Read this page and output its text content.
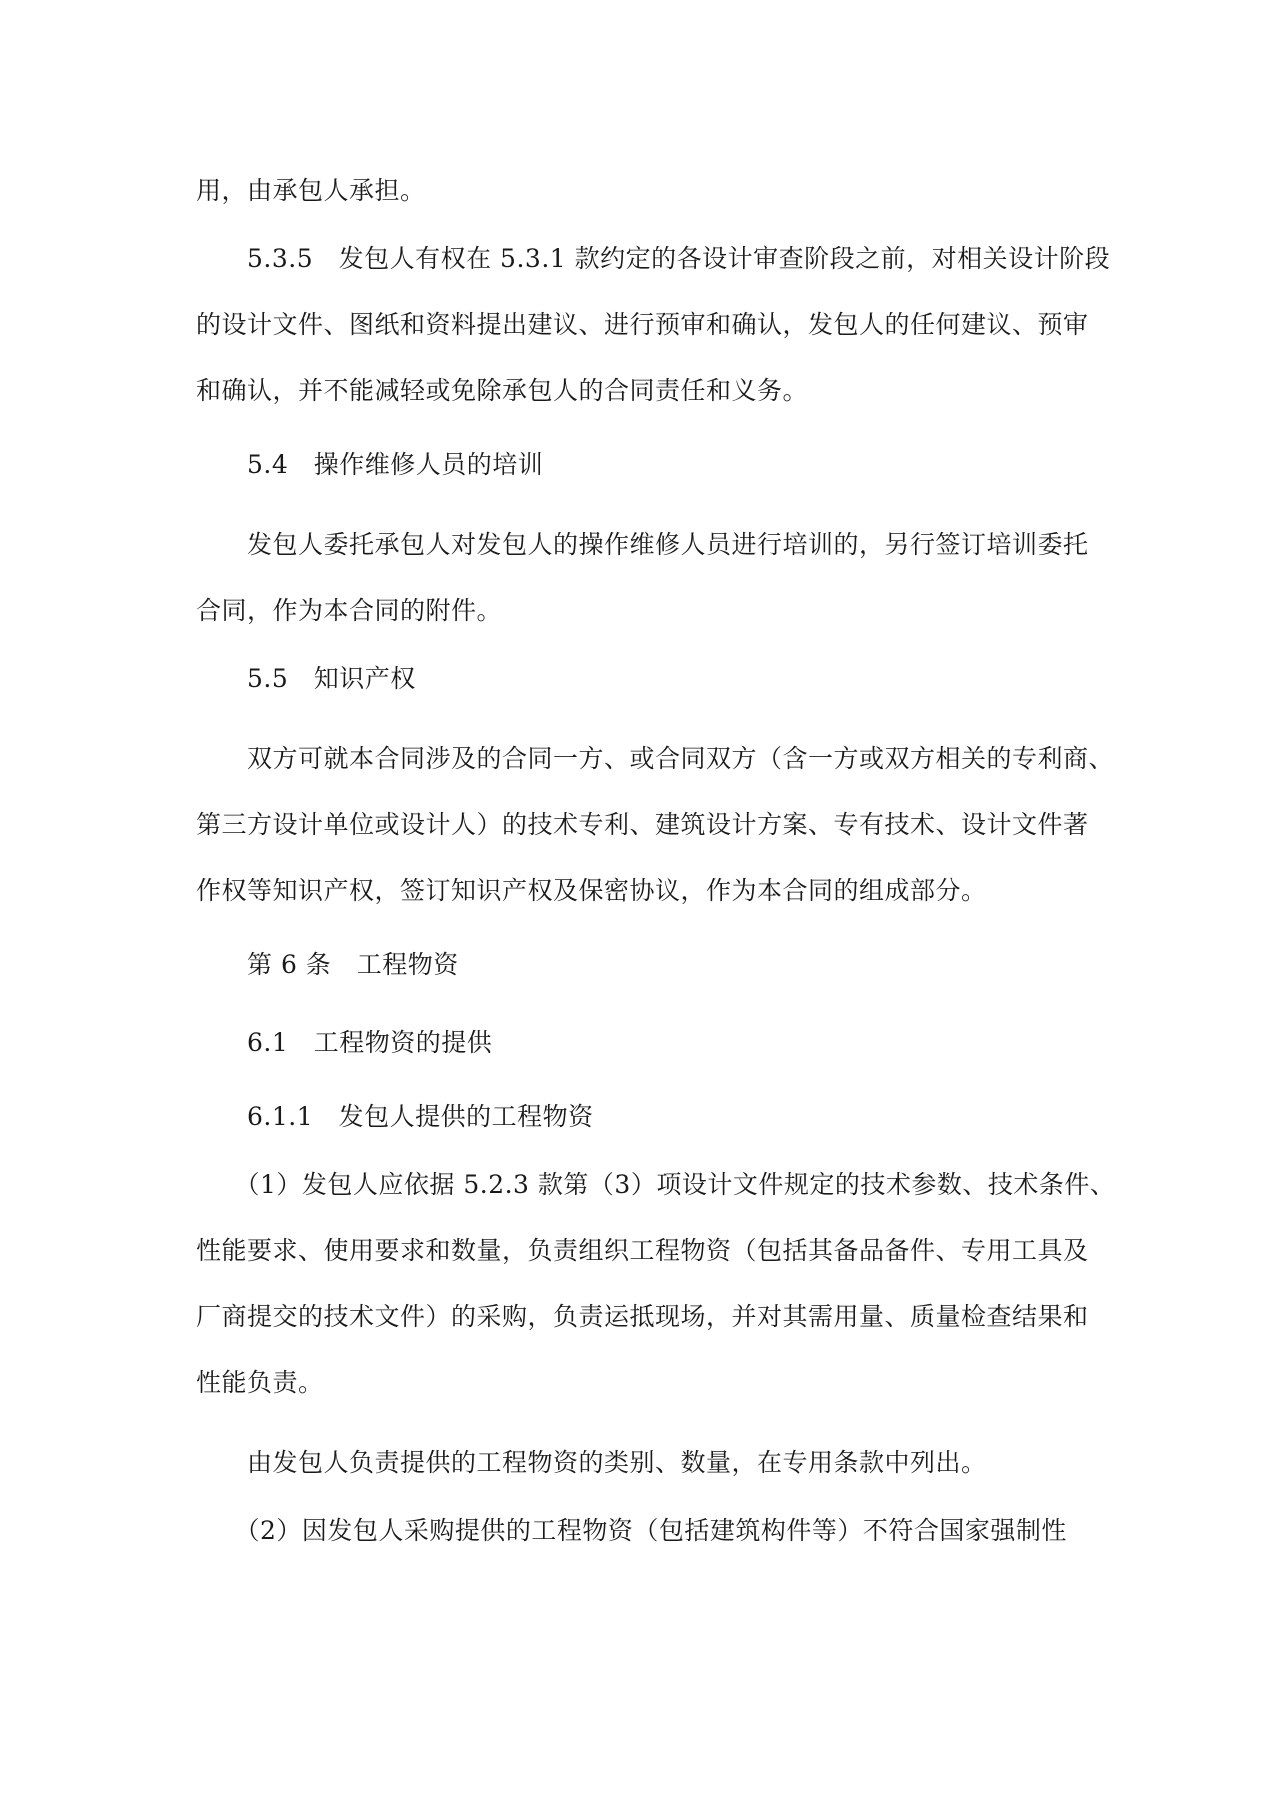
用，由承包人承担。

　　5.3.5　发包人有权在 5.3.1 款约定的各设计审查阶段之前，对相关设计阶段
的设计文件、图纸和资料提出建议、进行预审和确认，发包人的任何建议、预审
和确认，并不能减轻或免除承包人的合同责任和义务。

　　5.4　操作维修人员的培训

　　发包人委托承包人对发包人的操作维修人员进行培训的，另行签订培训委托
合同，作为本合同的附件。

　　5.5　知识产权

　　双方可就本合同涉及的合同一方、或合同双方（含一方或双方相关的专利商、
第三方设计单位或设计人）的技术专利、建筑设计方案、专有技术、设计文件著
作权等知识产权，签订知识产权及保密协议，作为本合同的组成部分。

　　第 6 条　工程物资

　　6.1　工程物资的提供

　　6.1.1　发包人提供的工程物资

　　（1）发包人应依据 5.2.3 款第（3）项设计文件规定的技术参数、技术条件、
性能要求、使用要求和数量，负责组织工程物资（包括其备品备件、专用工具及
厂商提交的技术文件）的采购，负责运抵现场，并对其需用量、质量检查结果和
性能负责。

　　由发包人负责提供的工程物资的类别、数量，在专用条款中列出。

　　（2）因发包人采购提供的工程物资（包括建筑构件等）不符合国家强制性
